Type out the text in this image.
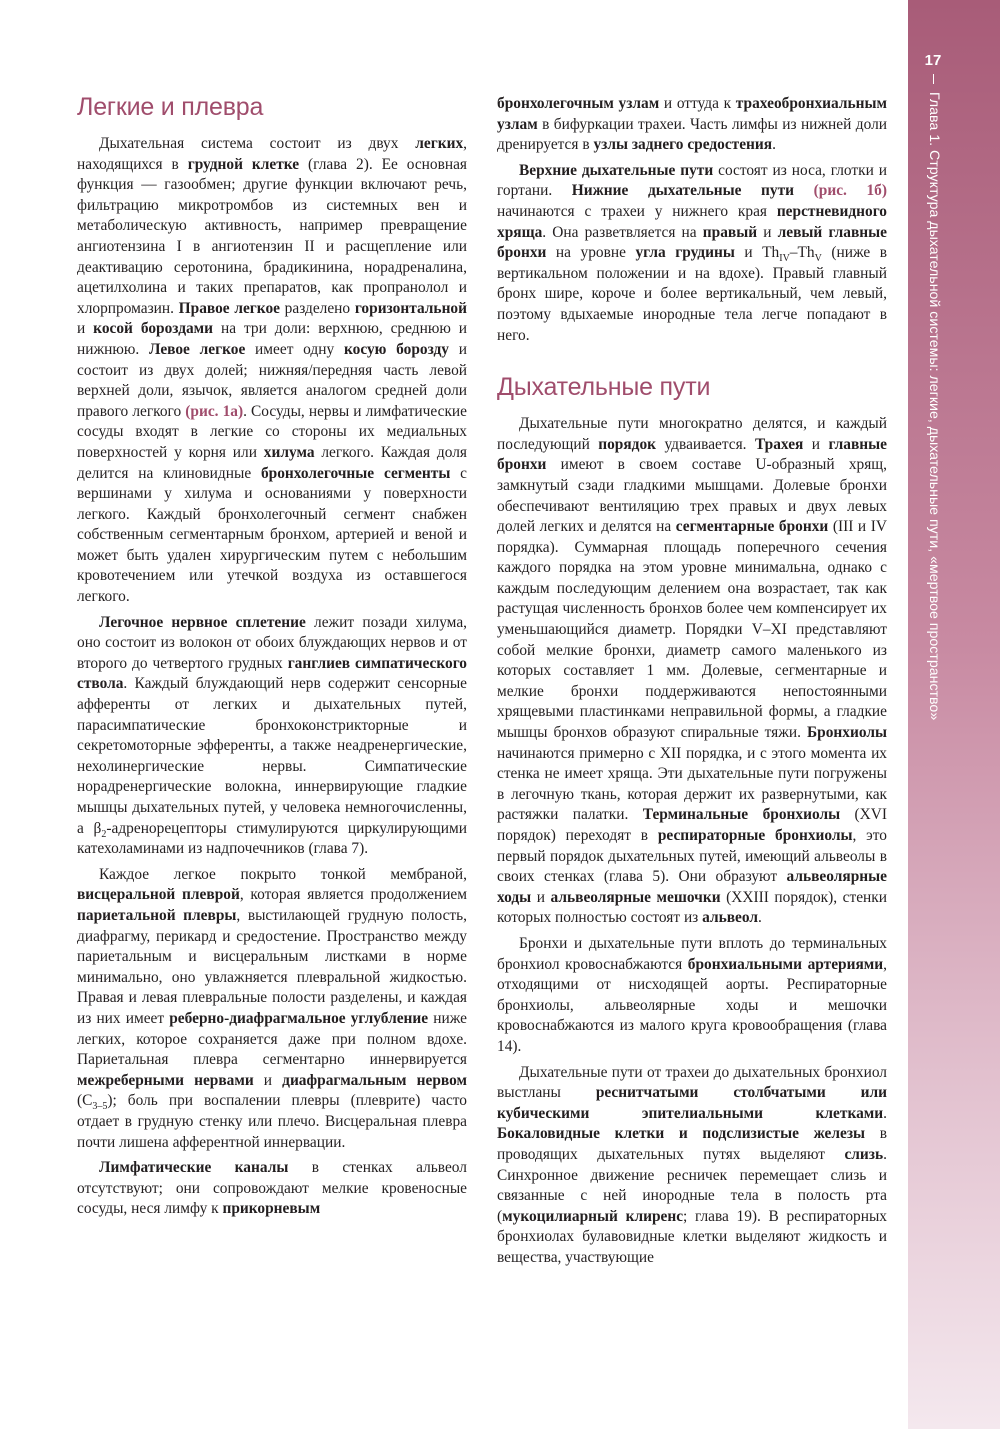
17
Глава 1. Структура дыхательной системы: легкие, дыхательные пути, «мертвое пространство»
Легкие и плевра

Дыхательная система состоит из двух легких, находящихся в грудной клетке (глава 2). Ее основная функция — газообмен; другие функции включают речь, фильтрацию микротромбов из системных вен и метаболическую активность, например превращение ангиотензина I в ангиотензин II и расщепление или деактивацию серотонина, брадикинина, норадреналина, ацетилхолина и таких препаратов, как пропранолол и хлорпромазин. Правое легкое разделено горизонтальной и косой бороздами на три доли: верхнюю, среднюю и нижнюю. Левое легкое имеет одну косую борозду и состоит из двух долей; нижняя/передняя часть левой верхней доли, язычок, является аналогом средней доли правого легкого (рис. 1а). Сосуды, нервы и лимфатические сосуды входят в легкие со стороны их медиальных поверхностей у корня или хилума легкого. Каждая доля делится на клиновидные бронхолегочные сегменты с вершинами у хилума и основаниями у поверхности легкого. Каждый бронхолегочный сегмент снабжен собственным сегментарным бронхом, артерией и веной и может быть удален хирургическим путем с небольшим кровотечением или утечкой воздуха из оставшегося легкого.

Легочное нервное сплетение лежит позади хилума, оно состоит из волокон от обоих блуждающих нервов и от второго до четвертого грудных ганглиев симпатического ствола. Каждый блуждающий нерв содержит сенсорные афференты от легких и дыхательных путей, парасимпатические бронхоконстрикторные и секретомоторные эфференты, а также неадренергические, нехолинергические нервы. Симпатические норадренергические волокна, иннервирующие гладкие мышцы дыхательных путей, у человека немногочисленны, а $\beta_2$-адренорецепторы стимулируются циркулирующими катехоламинами из надпочечников (глава 7).

Каждое легкое покрыто тонкой мембраной, висцеральной плеврой, которая является продолжением париетальной плевры, выстилающей грудную полость, диафрагму, перикард и средостение. Пространство между париетальным и висцеральным листками в норме минимально, оно увлажняется плевральной жидкостью. Правая и левая плевральные полости разделены, и каждая из них имеет реберно-диафрагмальное углубление ниже легких, которое сохраняется даже при полном вдохе. Париетальная плевра сегментарно иннервируется межреберными нервами и диафрагмальным нервом $(C_{3-5})$; боль при воспалении плевры (плеврите) часто отдает в грудную стенку или плечо. Висцеральная плевра почти лишена афферентной иннервации.

Лимфатические каналы в стенках альвеол отсутствуют; они сопровождают мелкие кровеносные сосуды, неся лимфу к прикорневым

бронхолегочным узлам и оттуда к трахеобронхиальным узлам в бифуркации трахеи. Часть лимфы из нижней доли дренируется в узлы заднего средостения.

Верхние дыхательные пути состоят из носа, глотки и гортани. Нижние дыхательные пути (рис. 1б) начинаются с трахеи у нижнего края перстневидного хряща. Она разветвляется на правый и левый главные бронхи на уровне угла грудины и $Th_{IV}-Th_V$ (ниже в вертикальном положении и на вдохе). Правый главный бронх шире, короче и более вертикальный, чем левый, поэтому вдыхаемые инородные тела легче попадают в него.

Дыхательные пути

Дыхательные пути многократно делятся, и каждый последующий порядок удваивается. Трахея и главные бронхи имеют в своем составе U-образный хрящ, замкнутый сзади гладкими мышцами. Долевые бронхи обеспечивают вентиляцию трех правых и двух левых долей легких и делятся на сегментарные бронхи (III и IV порядка). Суммарная площадь поперечного сечения каждого порядка на этом уровне минимальна, однако с каждым последующим делением она возрастает, так как растущая численность бронхов более чем компенсирует их уменьшающийся диаметр. Порядки V–XI представляют собой мелкие бронхи, диаметр самого маленького из которых составляет 1 мм. Долевые, сегментарные и мелкие бронхи поддерживаются непостоянными хрящевыми пластинками неправильной формы, а гладкие мышцы бронхов образуют спиральные тяжи. Бронхиолы начинаются примерно с XII порядка, и с этого момента их стенка не имеет хряща. Эти дыхательные пути погружены в легочную ткань, которая держит их развернутыми, как растяжки палатки. Терминальные бронхиолы (XVI порядок) переходят в респираторные бронхиолы, это первый порядок дыхательных путей, имеющий альвеолы в своих стенках (глава 5). Они образуют альвеолярные ходы и альвеолярные мешочки (XXIII порядок), стенки которых полностью состоят из альвеол.

Бронхи и дыхательные пути вплоть до терминальных бронхиол кровоснабжаются бронхиальными артериями, отходящими от нисходящей аорты. Респираторные бронхиолы, альвеолярные ходы и мешочки кровоснабжаются из малого круга кровообращения (глава 14).

Дыхательные пути от трахеи до дыхательных бронхиол выстланы реснитчатыми столбчатыми или кубическими эпителиальными клетками. Бокаловидные клетки и подслизистые железы в проводящих дыхательных путях выделяют слизь. Синхронное движение ресничек перемещает слизь и связанные с ней инородные тела в полость рта (мукоцилиарный клиренс; глава 19). В респираторных бронхиолах булавовидные клетки выделяют жидкость и вещества, участвующие
